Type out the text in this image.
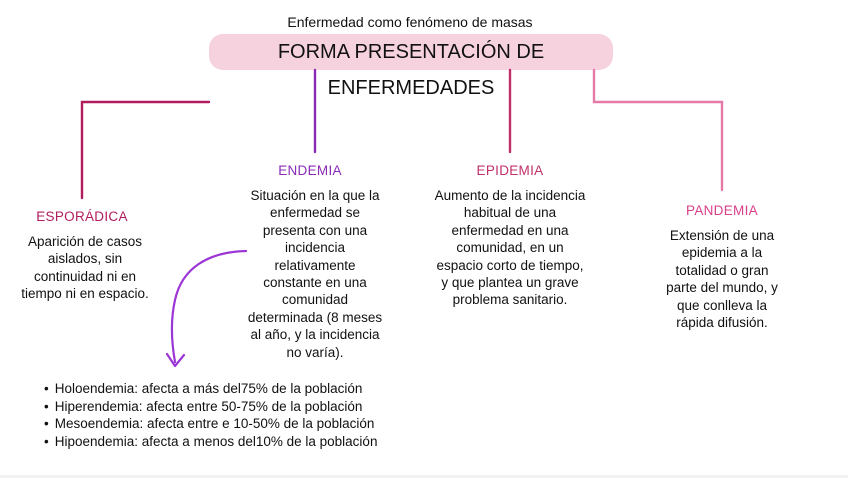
Enfermedad como fenómeno de masas
FORMA PRESENTACIÓN DE ENFERMEDADES
ESPORÁDICA
Aparición de casos
aislados, sin
continuidad ni en
tiempo ni en espacio.
ENDEMIA
Situación en la que la
enfermedad se
presenta con una
incidencia
relativamente
constante en una
comunidad
determinada (8 meses
al año, y la incidencia
no varía).
EPIDEMIA
Aumento de la incidencia
habitual de una
enfermedad en una
comunidad, en un
espacio corto de tiempo,
y que plantea un grave
problema sanitario.
PANDEMIA
Extensión de una
epidemia a la
totalidad o gran
parte del mundo, y
que conlleva la
rápida difusión.
• Holoendemia: afecta a más del75% de la población
• Hiperendemia: afecta entre 50-75% de la población
• Mesoendemia: afecta entre e 10-50% de la población
• Hipoendemia: afecta a menos del10% de la población
